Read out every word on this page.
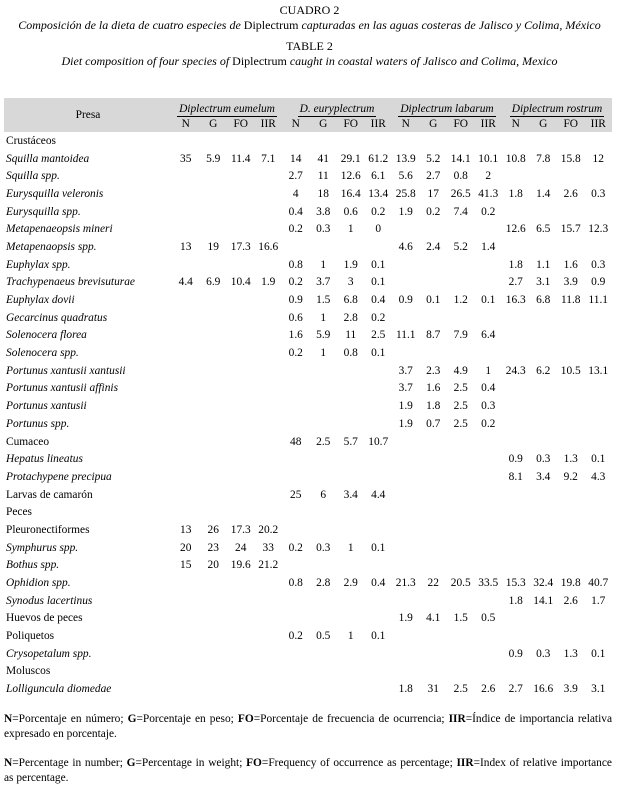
CUADRO 2
Composición de la dieta de cuatro especies de Diplectrum capturadas en las aguas costeras de Jalisco y Colima, México
TABLE 2
Diet composition of four species of Diplectrum caught in coastal waters of Jalisco and Colima, Mexico
Presa	Diplectrum eumelum				D. euryplectrum				Diplectrum labarum				Diplectrum rostrum			
	N	G	FO	IIR	N	G	FO	IIR	N	G	FO	IIR	N	G	FO	IIR
Crustáceos																
Squilla mantoidea	35	5.9	11.4	7.1	14	41	29.1	61.2	13.9	5.2	14.1	10.1	10.8	7.8	15.8	12
Squilla spp.					2.7	11	12.6	6.1	5.6	2.7	0.8	2				
Eurysquilla veleronis					4	18	16.4	13.4	25.8	17	26.5	41.3	1.8	1.4	2.6	0.3
Eurysquilla spp.					0.4	3.8	0.6	0.2	1.9	0.2	7.4	0.2				
Metapenaeopsis mineri					0.2	0.3	1	0					12.6	6.5	15.7	12.3
Metapenaopsis spp.	13	19	17.3	16.6					4.6	2.4	5.2	1.4				
Euphylax spp.					0.8	1	1.9	0.1					1.8	1.1	1.6	0.3
Trachypenaeus brevisuturae	4.4	6.9	10.4	1.9	0.2	3.7	3	0.1					2.7	3.1	3.9	0.9
Euphylax dovii					0.9	1.5	6.8	0.4	0.9	0.1	1.2	0.1	16.3	6.8	11.8	11.1
Gecarcinus quadratus					0.6	1	2.8	0.2								
Solenocera florea					1.6	5.9	11	2.5	11.1	8.7	7.9	6.4				
Solenocera spp.					0.2	1	0.8	0.1								
Portunus xantusii xantusii									3.7	2.3	4.9	1	24.3	6.2	10.5	13.1
Portunus xantusii affinis									3.7	1.6	2.5	0.4				
Portunus xantusii									1.9	1.8	2.5	0.3				
Portunus spp.									1.9	0.7	2.5	0.2				
Cumaceo					48	2.5	5.7	10.7								
Hepatus lineatus													0.9	0.3	1.3	0.1
Protachypene precipua													8.1	3.4	9.2	4.3
Larvas de camarón					25	6	3.4	4.4								
Peces																
Pleuronectiformes	13	26	17.3	20.2												
Symphurus spp.	20	23	24	33	0.2	0.3	1	0.1								
Bothus spp.	15	20	19.6	21.2												
Ophidion spp.					0.8	2.8	2.9	0.4	21.3	22	20.5	33.5	15.3	32.4	19.8	40.7
Synodus lacertinus													1.8	14.1	2.6	1.7
Huevos de peces									1.9	4.1	1.5	0.5				
Poliquetos					0.2	0.5	1	0.1								
Crysopetalum spp.													0.9	0.3	1.3	0.1
Moluscos																
Lolliguncula diomedae									1.8	31	2.5	2.6	2.7	16.6	3.9	3.1

N=Porcentaje en número; G=Porcentaje en peso; FO=Porcentaje de frecuencia de ocurrencia; IIR=Índice de importancia relativa expresado en porcentaje.

N=Percentage in number; G=Percentage in weight; FO=Frequency of occurrence as percentage; IIR=Index of relative importance as percentage.
